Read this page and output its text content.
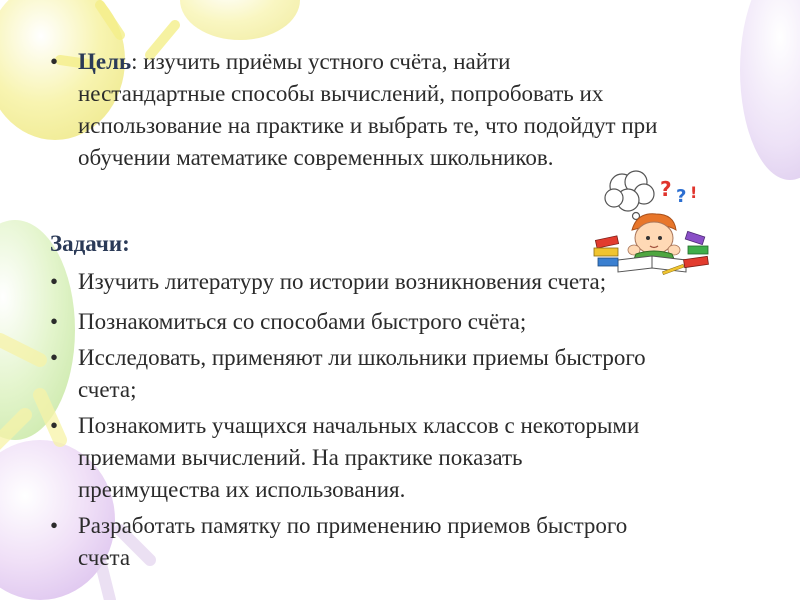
• Цель: изучить приёмы устного счёта, найти
нестандартные способы вычислений, попробовать их
использование на практике и выбрать те, что подойдут при
обучении математике современных школьников.
Задачи:
• Изучить литературу по истории возникновения счета;
• Познакомиться со способами быстрого счёта;
• Исследовать, применяют ли школьники приемы быстрого
счета;
• Познакомить учащихся начальных классов с некоторыми
приемами вычислений. На практике показать
преимущества их использования.
• Разработать памятку по применению приемов быстрого
счета
? ? !
